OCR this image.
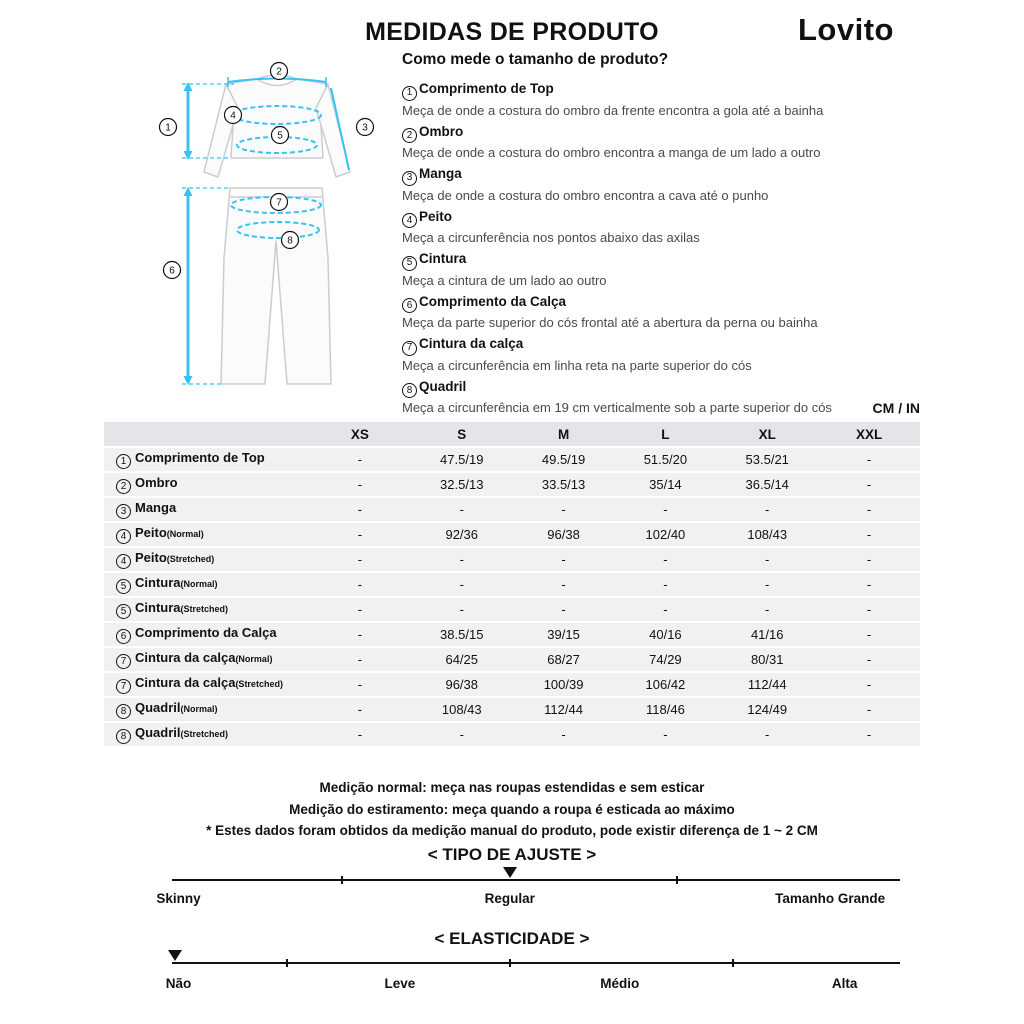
MEDIDAS DE PRODUTO	Lovito
Como mede o tamanho de produto?
1
2
3
4
5
6
7
8
1 Comprimento de Top
Meça de onde a costura do ombro da frente encontra a gola até a bainha
2 Ombro
Meça de onde a costura do ombro encontra a manga de um lado a outro
3 Manga
Meça de onde a costura do ombro encontra a cava até o punho
4 Peito
Meça a circunferência nos pontos abaixo das axilas
5 Cintura
Meça a cintura de um lado ao outro
6 Comprimento da Calça
Meça da parte superior do cós frontal até a abertura da perna ou bainha
7 Cintura da calça
Meça a circunferência em linha reta na parte superior do cós
8 Quadril
Meça a circunferência em 19 cm verticalmente sob a parte superior do cós	CM / IN
	XS	S	M	L	XL	XXL
1 Comprimento de Top	-	47.5/19	49.5/19	51.5/20	53.5/21	-
2 Ombro	-	32.5/13	33.5/13	35/14	36.5/14	-
3 Manga	-	-	-	-	-	-
4 Peito(Normal)	-	92/36	96/38	102/40	108/43	-
4 Peito(Stretched)	-	-	-	-	-	-
5 Cintura(Normal)	-	-	-	-	-	-
5 Cintura(Stretched)	-	-	-	-	-	-
6 Comprimento da Calça	-	38.5/15	39/15	40/16	41/16	-
7 Cintura da calça(Normal)	-	64/25	68/27	74/29	80/31	-
7 Cintura da calça(Stretched)	-	96/38	100/39	106/42	112/44	-
8 Quadril(Normal)	-	108/43	112/44	118/46	124/49	-
8 Quadril(Stretched)	-	-	-	-	-	-
Medição normal: meça nas roupas estendidas e sem esticar
Medição do estiramento: meça quando a roupa é esticada ao máximo
* Estes dados foram obtidos da medição manual do produto, pode existir diferença de 1 ~ 2 CM
< TIPO DE AJUSTE >
Skinny	Regular	Tamanho Grande
< ELASTICIDADE >
Não	Leve	Médio	Alta
